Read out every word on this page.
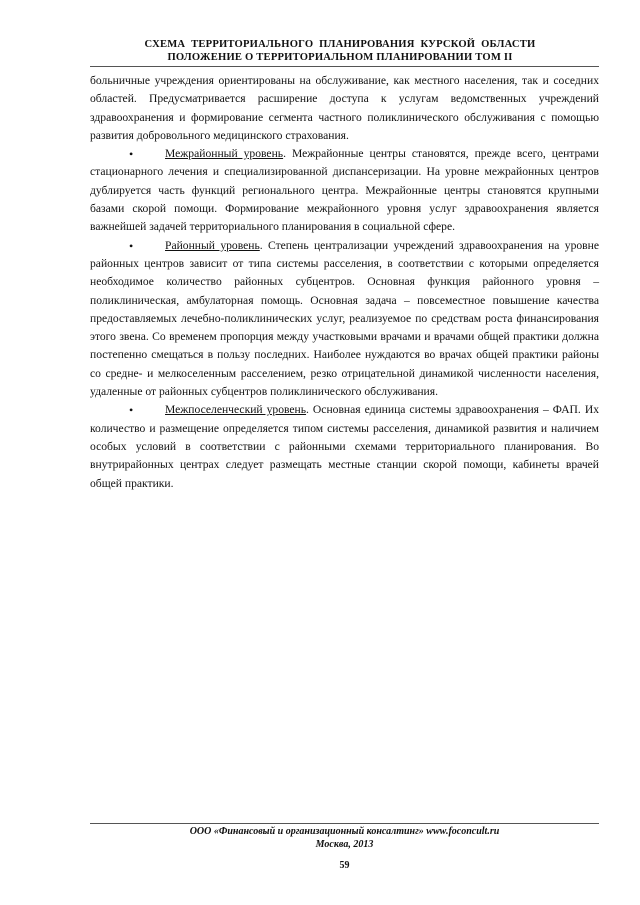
СХЕМА ТЕРРИТОРИАЛЬНОГО ПЛАНИРОВАНИЯ КУРСКОЙ ОБЛАСТИ
ПОЛОЖЕНИЕ О ТЕРРИТОРИАЛЬНОМ ПЛАНИРОВАНИИ ТОМ II

больничные учреждения ориентированы на обслуживание, как местного населения, так и соседних областей. Предусматривается расширение доступа к услугам ведомственных учреждений здравоохранения и формирование сегмента частного поликлинического обслуживания с помощью развития добровольного медицинского страхования.

•	Межрайонный уровень. Межрайонные центры становятся, прежде всего, центрами стационарного лечения и специализированной диспансеризации. На уровне межрайонных центров дублируется часть функций регионального центра. Межрайонные центры становятся крупными базами скорой помощи. Формирование межрайонного уровня услуг здравоохранения является важнейшей задачей территориального планирования в социальной сфере.

•	Районный уровень. Степень централизации учреждений здравоохранения на уровне районных центров зависит от типа системы расселения, в соответствии с которыми определяется необходимое количество районных субцентров. Основная функция районного уровня – поликлиническая, амбулаторная помощь. Основная задача – повсеместное повышение качества предоставляемых лечебно-поликлинических услуг, реализуемое по средствам роста финансирования этого звена. Со временем пропорция между участковыми врачами и врачами общей практики должна постепенно смещаться в пользу последних. Наиболее нуждаются во врачах общей практики районы со средне- и мелкоселенным расселением, резко отрицательной динамикой численности населения, удаленные от районных субцентров поликлинического обслуживания.

•	Межпоселенческий уровень. Основная единица системы здравоохранения – ФАП. Их количество и размещение определяется типом системы расселения, динамикой развития и наличием особых условий в соответствии с районными схемами территориального планирования. Во внутрирайонных центрах следует размещать местные станции скорой помощи, кабинеты врачей общей практики.

ООО «Финансовый и организационный консалтинг» www.foconcult.ru
Москва, 2013
59
